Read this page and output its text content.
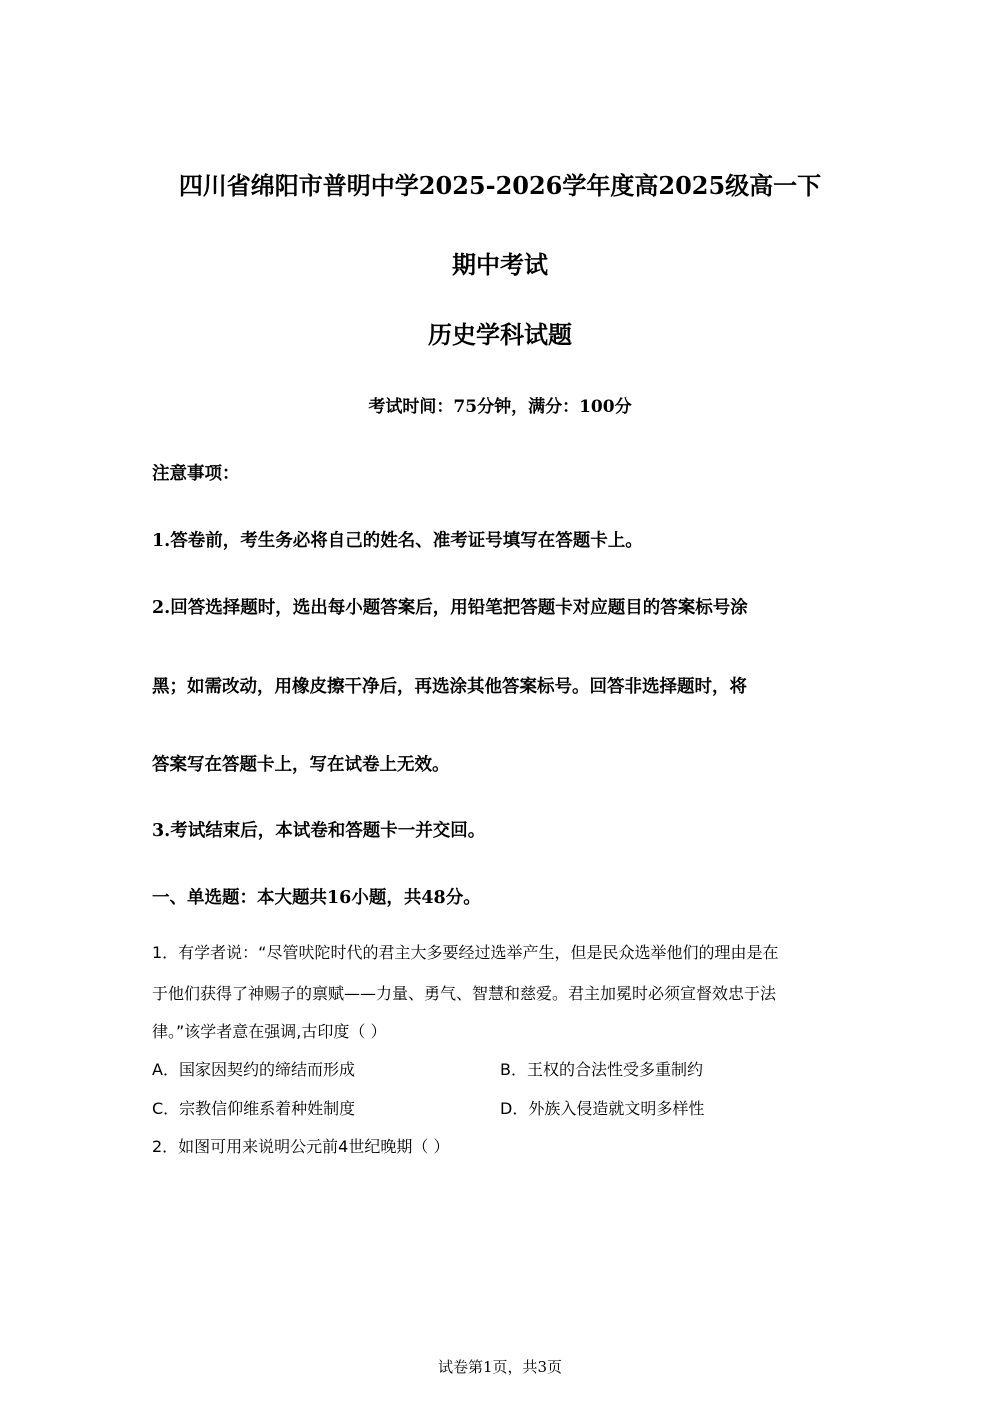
四川省绵阳市普明中学2025-2026学年度高2025级高一下
期中考试
历史学科试题
考试时间：75分钟，满分：100分
注意事项：
1.答卷前，考生务必将自己的姓名、准考证号填写在答题卡上。
2.回答选择题时，选出每小题答案后，用铅笔把答题卡对应题目的答案标号涂
黑；如需改动，用橡皮擦干净后，再选涂其他答案标号。回答非选择题时，将
答案写在答题卡上，写在试卷上无效。
3.考试结束后，本试卷和答题卡一并交回。
一、单选题：本大题共16小题，共48分。
1．有学者说：“尽管吠陀时代的君主大多要经过选举产生，但是民众选举他们的理由是在
于他们获得了神赐子的禀赋——力量、勇气、智慧和慈爱。君主加冕时必须宣督效忠于法
律。”该学者意在强调,古印度（ ）
A．国家因契约的缔结而形成	B．王权的合法性受多重制约
C．宗教信仰维系着种姓制度	D．外族入侵造就文明多样性
2．如图可用来说明公元前4世纪晚期（ ）
试卷第1页，共3页
